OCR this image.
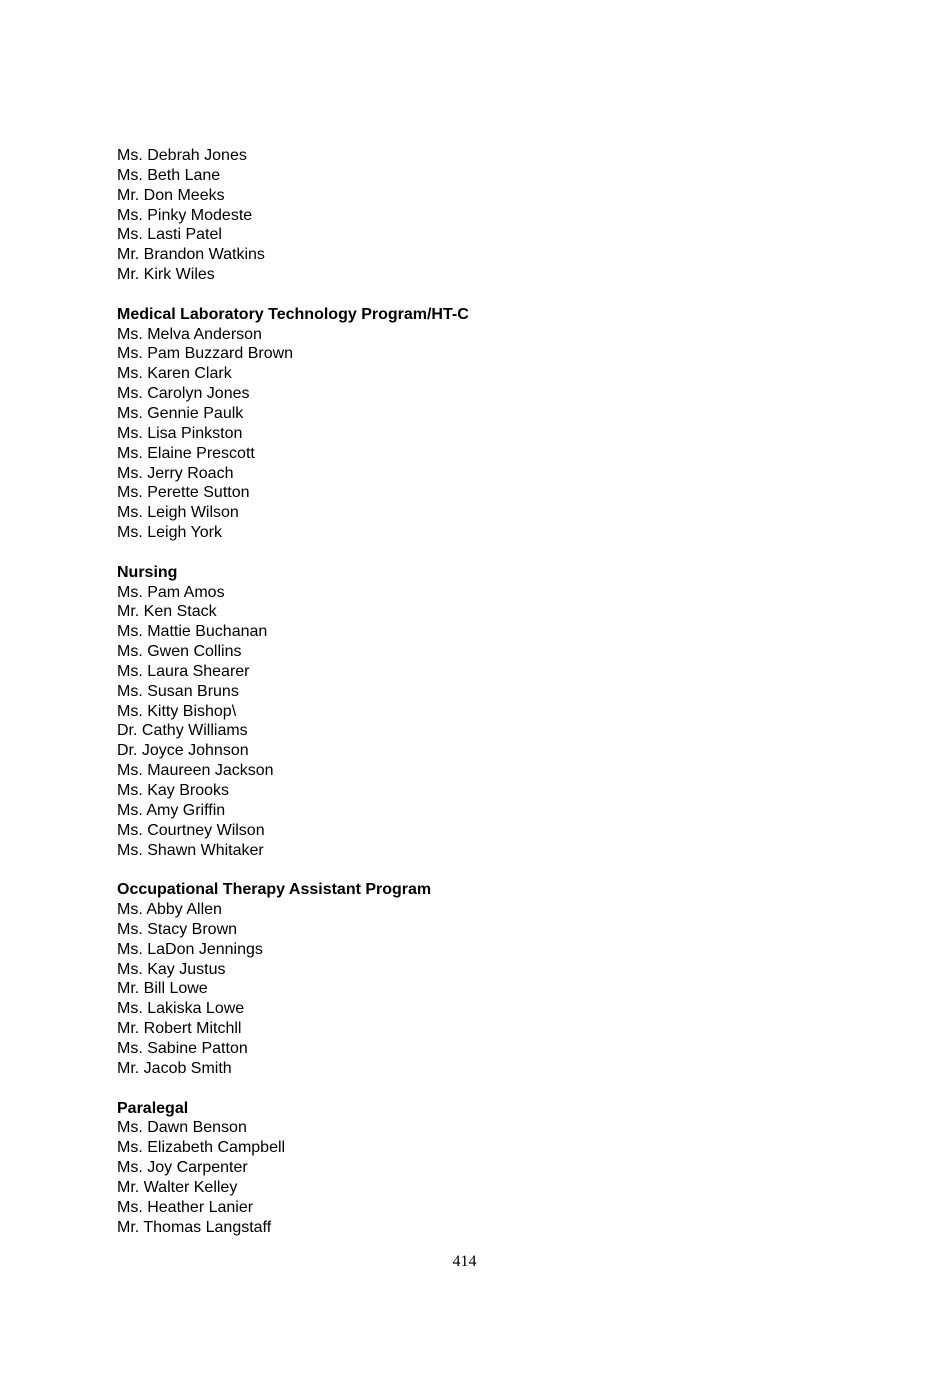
Ms. Debrah Jones

Ms. Beth Lane

Mr. Don Meeks

Ms. Pinky Modeste

Ms. Lasti Patel

Mr. Brandon Watkins

Mr. Kirk Wiles

Medical Laboratory Technology Program/HT-C

Ms. Melva Anderson

Ms. Pam Buzzard Brown

Ms. Karen Clark

Ms. Carolyn Jones

Ms. Gennie Paulk

Ms. Lisa Pinkston

Ms. Elaine Prescott

Ms. Jerry Roach

Ms. Perette Sutton

Ms. Leigh Wilson

Ms. Leigh York

Nursing

Ms. Pam Amos

Mr. Ken Stack

Ms. Mattie Buchanan

Ms. Gwen Collins

Ms. Laura Shearer

Ms. Susan Bruns

Ms. Kitty Bishop\

Dr. Cathy Williams

Dr. Joyce Johnson

Ms. Maureen Jackson

Ms. Kay Brooks

Ms. Amy Griffin

Ms. Courtney Wilson

Ms. Shawn Whitaker

Occupational Therapy Assistant Program

Ms. Abby Allen

Ms. Stacy Brown

Ms. LaDon Jennings

Ms. Kay Justus

Mr. Bill Lowe

Ms. Lakiska Lowe

Mr. Robert Mitchll

Ms. Sabine Patton

Mr. Jacob Smith

Paralegal

Ms. Dawn Benson

Ms. Elizabeth Campbell

Ms. Joy Carpenter

Mr. Walter Kelley

Ms. Heather Lanier

Mr. Thomas Langstaff

414
